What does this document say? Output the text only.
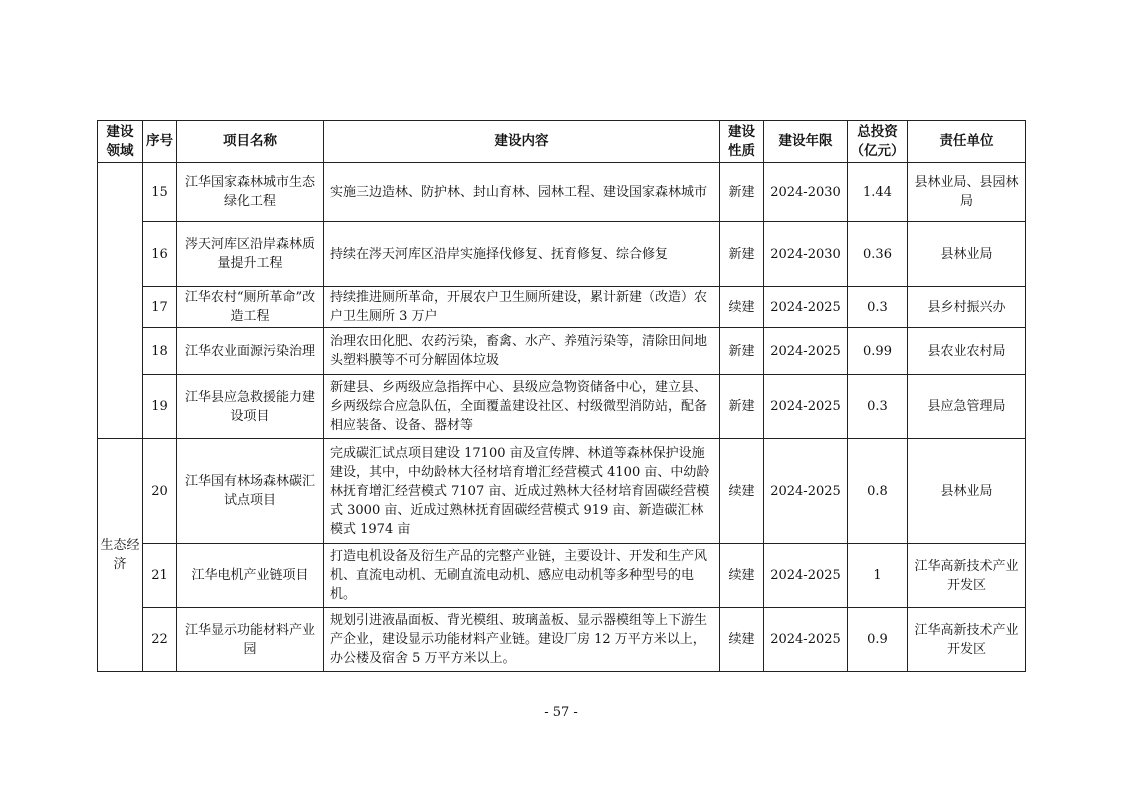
建设领域	序号	项目名称	建设内容	建设性质	建设年限	总投资（亿元）	责任单位
	15	江华国家森林城市生态绿化工程	实施三边造林、防护林、封山育林、园林工程、建设国家森林城市	新建	2024-2030	1.44	县林业局、县园林局
	16	涔天河库区沿岸森林质量提升工程	持续在涔天河库区沿岸实施择伐修复、抚育修复、综合修复	新建	2024-2030	0.36	县林业局
	17	江华农村“厕所革命”改造工程	持续推进厕所革命，开展农户卫生厕所建设，累计新建（改造）农户卫生厕所 3 万户	续建	2024-2025	0.3	县乡村振兴办
	18	江华农业面源污染治理	治理农田化肥、农药污染，畜禽、水产、养殖污染等，清除田间地头塑料膜等不可分解固体垃圾	新建	2024-2025	0.99	县农业农村局
	19	江华县应急救援能力建设项目	新建县、乡两级应急指挥中心、县级应急物资储备中心，建立县、乡两级综合应急队伍，全面覆盖建设社区、村级微型消防站，配备相应装备、设备、器材等	新建	2024-2025	0.3	县应急管理局
生态经济	20	江华国有林场森林碳汇试点项目	完成碳汇试点项目建设 17100 亩及宣传牌、林道等森林保护设施建设，其中，中幼龄林大径材培育增汇经营模式 4100 亩、中幼龄林抚育增汇经营模式 7107 亩、近成过熟林大径材培育固碳经营模式 3000 亩、近成过熟林抚育固碳经营模式 919 亩、新造碳汇林模式 1974 亩	续建	2024-2025	0.8	县林业局
	21	江华电机产业链项目	打造电机设备及衍生产品的完整产业链，主要设计、开发和生产风机、直流电动机、无刷直流电动机、感应电动机等多种型号的电机。	续建	2024-2025	1	江华高新技术产业开发区
	22	江华显示功能材料产业园	规划引进液晶面板、背光模组、玻璃盖板、显示器模组等上下游生产企业，建设显示功能材料产业链。建设厂房 12 万平方米以上，办公楼及宿舍 5 万平方米以上。	续建	2024-2025	0.9	江华高新技术产业开发区
- 57 -
